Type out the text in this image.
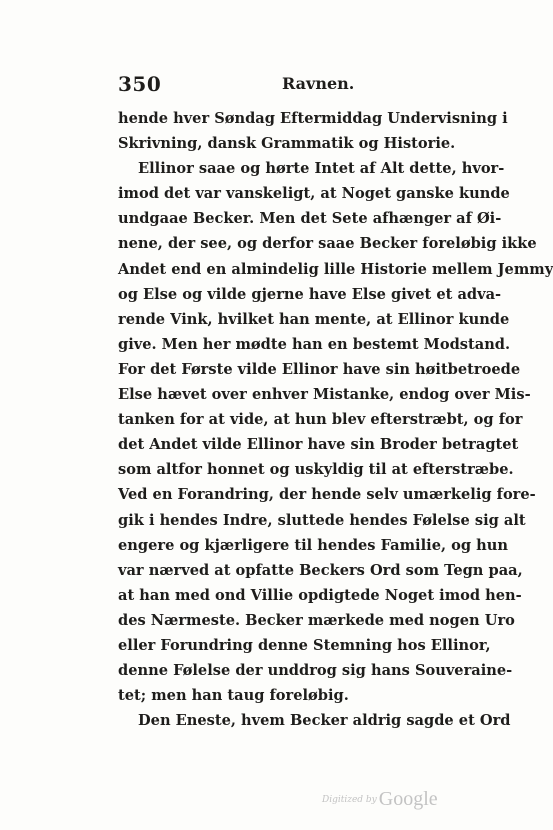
350	Ravnen.
hende hver Søndag Eftermiddag Undervisning i
Skrivning, dansk Grammatik og Historie.
Ellinor saae og hørte Intet af Alt dette, hvor-
imod det var vanskeligt, at Noget ganske kunde
undgaae Becker. Men det Sete afhænger af Øi-
nene, der see, og derfor saae Becker foreløbig ikke
Andet end en almindelig lille Historie mellem Jemmy
og Else og vilde gjerne have Else givet et advа-
rende Vink, hvilket han mente, at Ellinor kunde
give. Men her mødte han en bestemt Modstand.
For det Første vilde Ellinor have sin høitbetroede
Else hævet over enhver Mistanke, endog over Mis-
tanken for at vide, at hun blev efterstræbt, og for
det Andet vilde Ellinor have sin Broder betragtet
som altfor honnet og uskyldig til at efterstræbe.
Ved en Forandring, der hende selv umærkelig fore-
gik i hendes Indre, sluttede hendes Følelse sig alt
engere og kjærligere til hendes Familie, og hun
var nærved at opfatte Beckers Ord som Tegn paa,
at han med ond Villie opdigtede Noget imod hen-
des Nærmeste. Becker mærkede med nogen Uro
eller Forundring denne Stemning hos Ellinor,
denne Følelse der unddrog sig hans Souveraine-
tet; men han taug foreløbig.
Den Eneste, hvem Becker aldrig sagde et Ord
Digitized by Google
